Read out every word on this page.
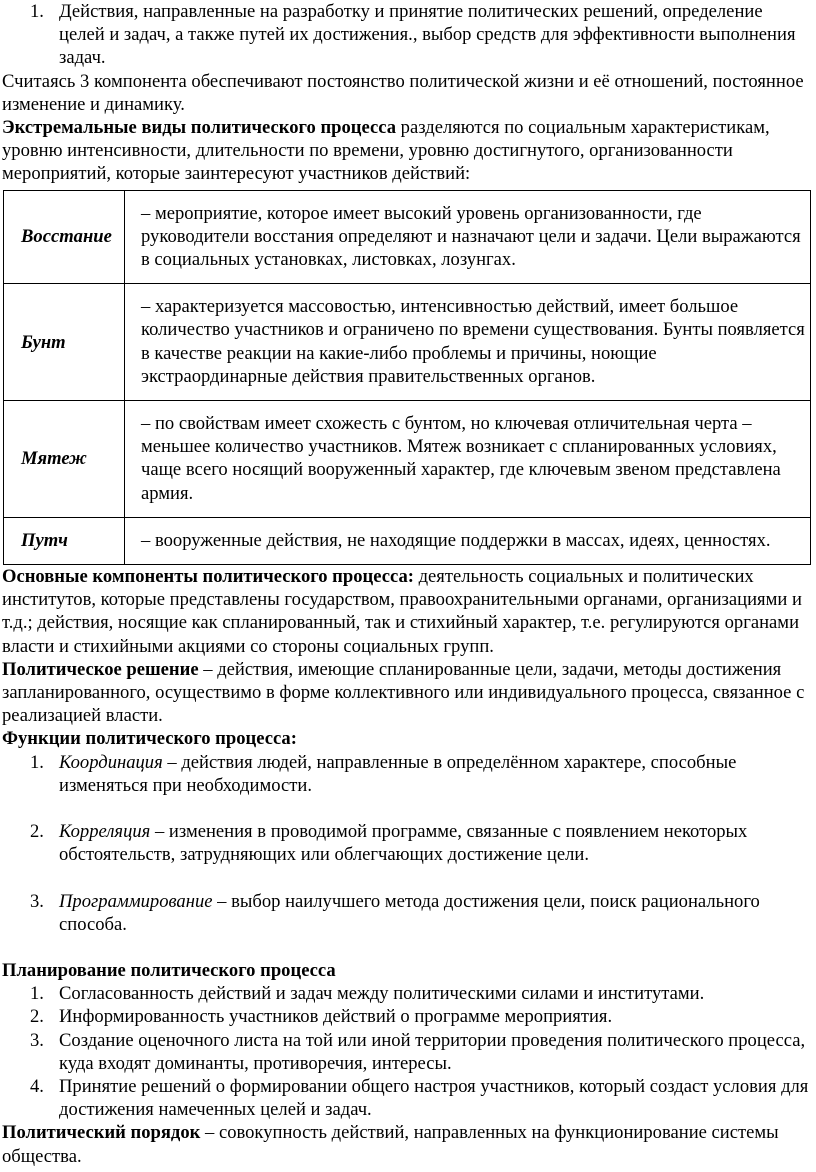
1. Действия, направленные на разработку и принятие политических решений, определение целей и задач, а также путей их достижения., выбор средств для эффективности выполнения задач.

Считаясь 3 компонента обеспечивают постоянство политической жизни и её отношений, постоянное изменение и динамику.

Экстремальные виды политического процесса разделяются по социальным характеристикам, уровню интенсивности, длительности по времени, уровню достигнутого, организованности мероприятий, которые заинтересуют участников действий:

Восстание	– мероприятие, которое имеет высокий уровень организованности, где руководители восстания определяют и назначают цели и задачи. Цели выражаются в социальных установках, листовках, лозунгах.

Бунт	– характеризуется массовостью, интенсивностью действий, имеет большое количество участников и ограничено по времени существования. Бунты появляется в качестве реакции на какие-либо проблемы и причины, ноющие экстраординарные действия правительственных органов.

Мятеж	– по свойствам имеет схожесть с бунтом, но ключевая отличительная черта – меньшее количество участников. Мятеж возникает с спланированных условиях, чаще всего носящий вооруженный характер, где ключевым звеном представлена армия.

Путч	– вооруженные действия, не находящие поддержки в массах, идеях, ценностях.

Основные компоненты политического процесса: деятельность социальных и политических институтов, которые представлены государством, правоохранительными органами, организациями и т.д.; действия, носящие как спланированный, так и стихийный характер, т.е. регулируются органами власти и стихийными акциями со стороны социальных групп.

Политическое решение – действия, имеющие спланированные цели, задачи, методы достижения запланированного, осуществимо в форме коллективного или индивидуального процесса, связанное с реализацией власти.

Функции политического процесса:

1. Координация – действия людей, направленные в определённом характере, способные изменяться при необходимости.
2. Корреляция – изменения в проводимой программе, связанные с появлением некоторых обстоятельств, затрудняющих или облегчающих достижение цели.
3. Программирование – выбор наилучшего метода достижения цели, поиск рационального способа.

Планирование политического процесса

1. Согласованность действий и задач между политическими силами и институтами.
2. Информированность участников действий о программе мероприятия.
3. Создание оценочного листа на той или иной территории проведения политического процесса, куда входят доминанты, противоречия, интересы.
4. Принятие решений о формировании общего настроя участников, который создаст условия для достижения намеченных целей и задач.

Политический порядок – совокупность действий, направленных на функционирование системы общества.
